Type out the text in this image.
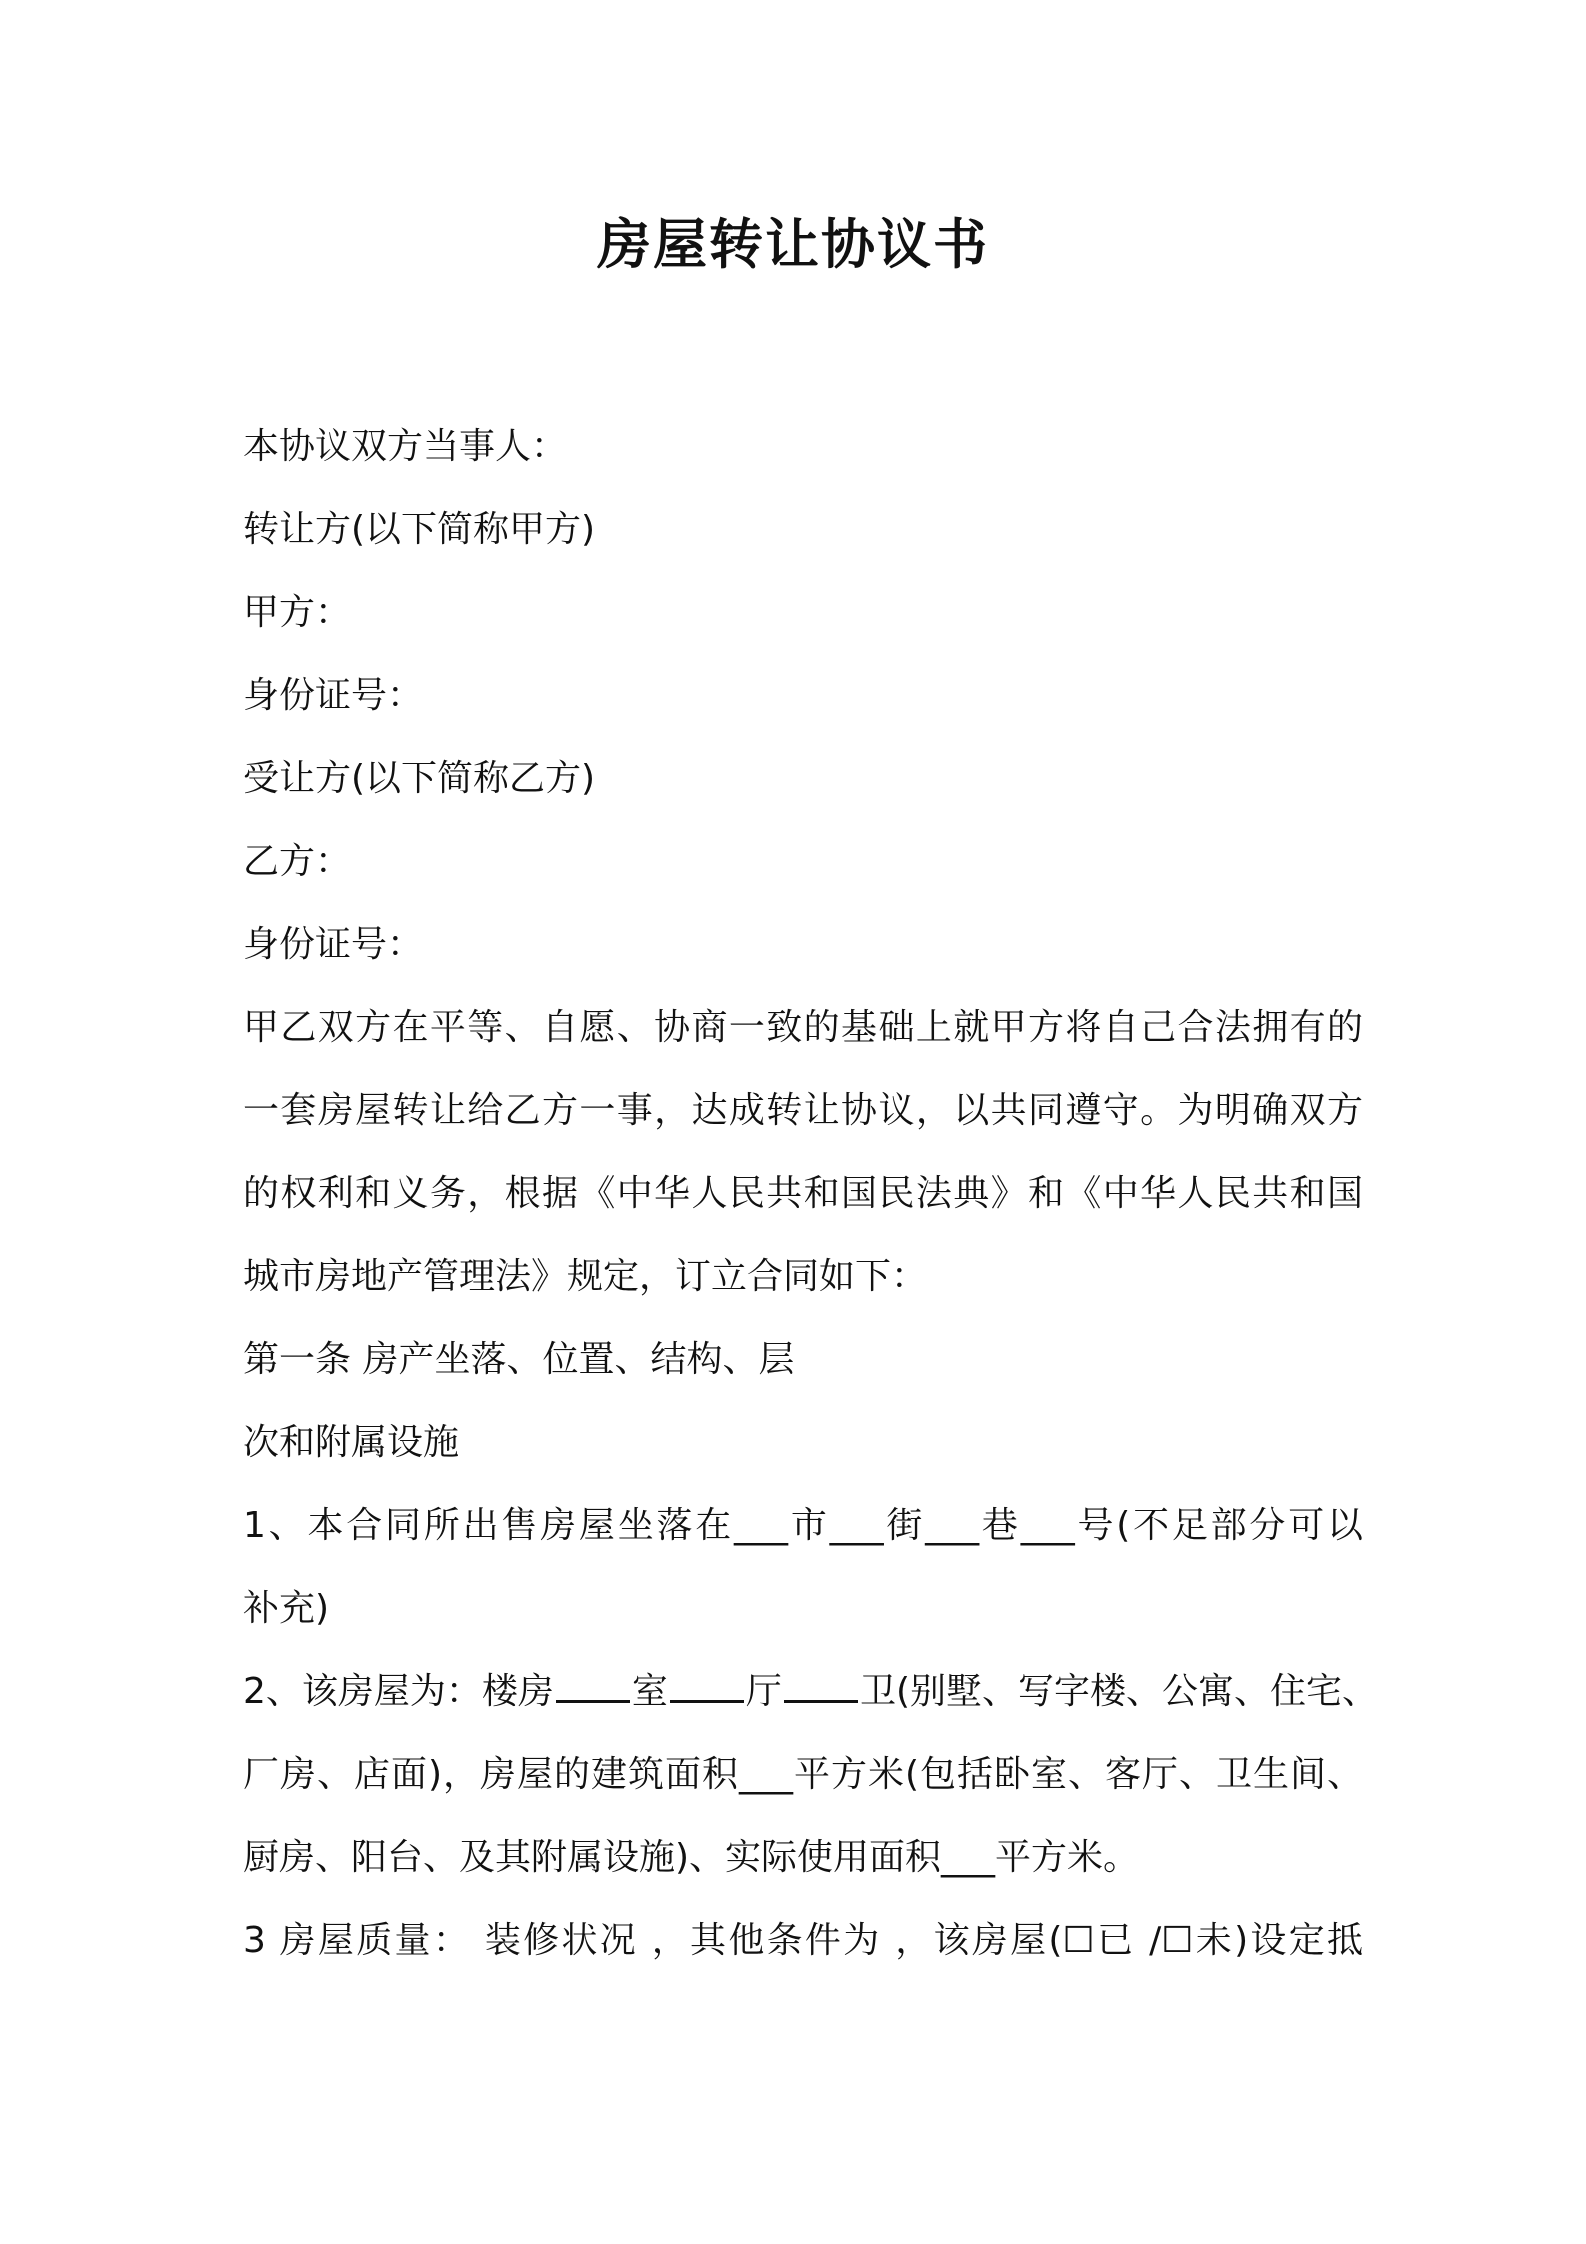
房屋转让协议书
本协议双方当事人：
转让方(以下简称甲方)
甲方：
身份证号：
受让方(以下简称乙方)
乙方：
身份证号：
甲乙双方在平等、自愿、协商一致的基础上就甲方将自己合法拥有的
一套房屋转让给乙方一事，达成转让协议，以共同遵守。为明确双方
的权利和义务，根据《中华人民共和国民法典》和《中华人民共和国
城市房地产管理法》规定，订立合同如下：
第一条 房产坐落、位置、结构、层
次和附属设施
1、本合同所出售房屋坐落在___市___街___巷___号(不足部分可以
补充)
2、该房屋为：楼房 室 厅 卫(别墅、写字楼、公寓、住宅、
厂房、店面)，房屋的建筑面积___平方米(包括卧室、客厅、卫生间、
厨房、阳台、及其附属设施)、实际使用面积___平方米。
3 房屋质量： 装修状况 ，其他条件为 ，该房屋(☐已 /☐未)设定抵
